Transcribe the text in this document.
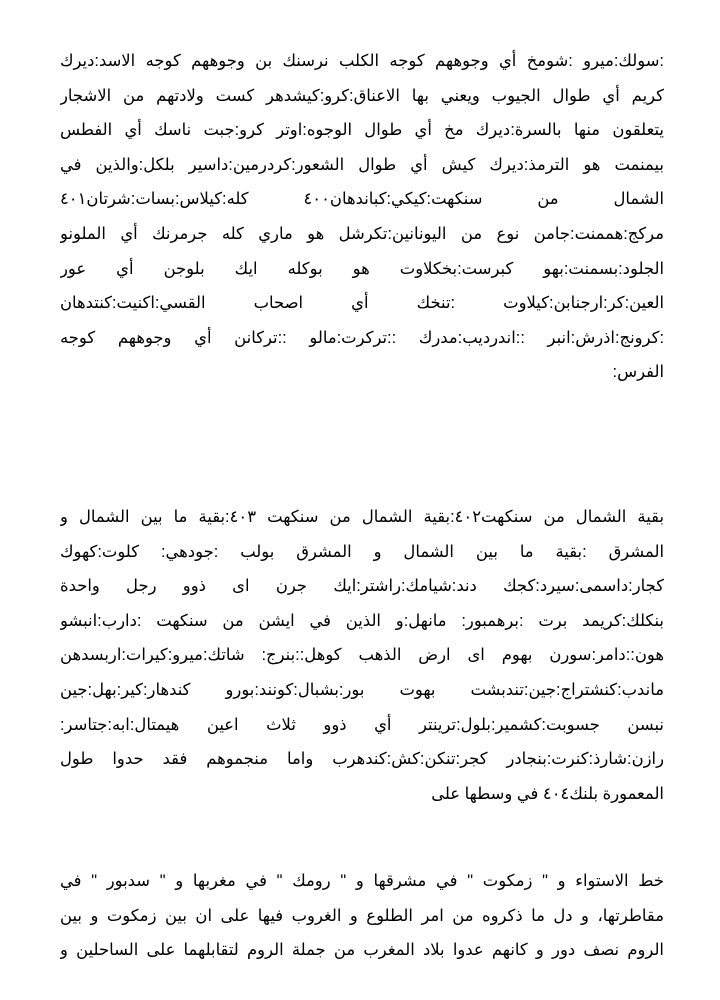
:سولك:ميرو :شومخ أي وجوههم كوجه الكلب نرسنك بن وجوههم كوجه الاسد:ديرك
كريم أي طوال الجيوب ويعني بها الاعناق:كرو:كيشدهر كست ولادتهم من الاشجار
يتعلقون منها بالسرة:ديرك مخ أي طوال الوجوه:اوتر كرو:جبت ناسك أي الفطس
بيمنمت هو الترمذ:ديرك كيش أي طوال الشعور:كردرمين:داسير بلكل:والذين في
الشمال من سنكهت:كيكي:كباندهان٤٠٠ كله:كيلاس:بسات:شرتان٤٠١
مركج:هممنت:جامن نوع من اليونانين:تكرشل هو ماري كله جرمرنك أي الملونو
الجلود:بسمنت:بهو كبرست:بخكلاوت هو بوكله ايك بلوجن أي عور
العين:كر:ارجنابن:كيلاوت :تنخك أي اصحاب القسي:اكنيت:كنتدهان
:كرونج:اذرش:انبر ::اندرديب:مدرك ::تركرت:مالو ::تركانن أي وجوههم كوجه
الفرس:
بقية الشمال من سنكهت٤٠٢:بقية الشمال من سنكهت ٤٠٣:بقية ما بين الشمال و
المشرق :بقية ما بين الشمال و المشرق بولب :جودهي: كلوت:كهوك
كجار:داسمى:سيرد:كجك دند:شيامك:راشتر:ايك جرن اى ذوو رجل واحدة
بنكلك:كريمد برت :برهمبور: مانهل:و الذين في ايشن من سنكهت :دارب:انبشو
هون::دامر:سورن بهوم اى ارض الذهب كوهل::بنرج: شاتك:ميرو:كيرات:اربسدهن
ماندب:كنشتراج:جين:تندبشت بهوت بور:بشبال:كونند:بورو كندهار:كير:بهل:جين
نبسن جسوبت:كشمير:بلول:ترينتر أي ذوو ثلاث اعين هيمتال:ابه:جتاسر:
رازن:شارذ:كنرت:بنجادر كجر:تنكن:كش:كندهرب واما منجموهم فقد حدوا طول
المعمورة بلنك٤٠٤ في وسطها على
خط الاستواء و " زمكوت " في مشرقها و " رومك " في مغربها و " سدبور " في
مقاطرتها، و دل ما ذكروه من امر الطلوع و الغروب فيها على ان بين زمكوت و بين
الروم نصف دور و كانهم عدوا بلاد المغرب من جملة الروم لتقابلهما على الساحلين و
